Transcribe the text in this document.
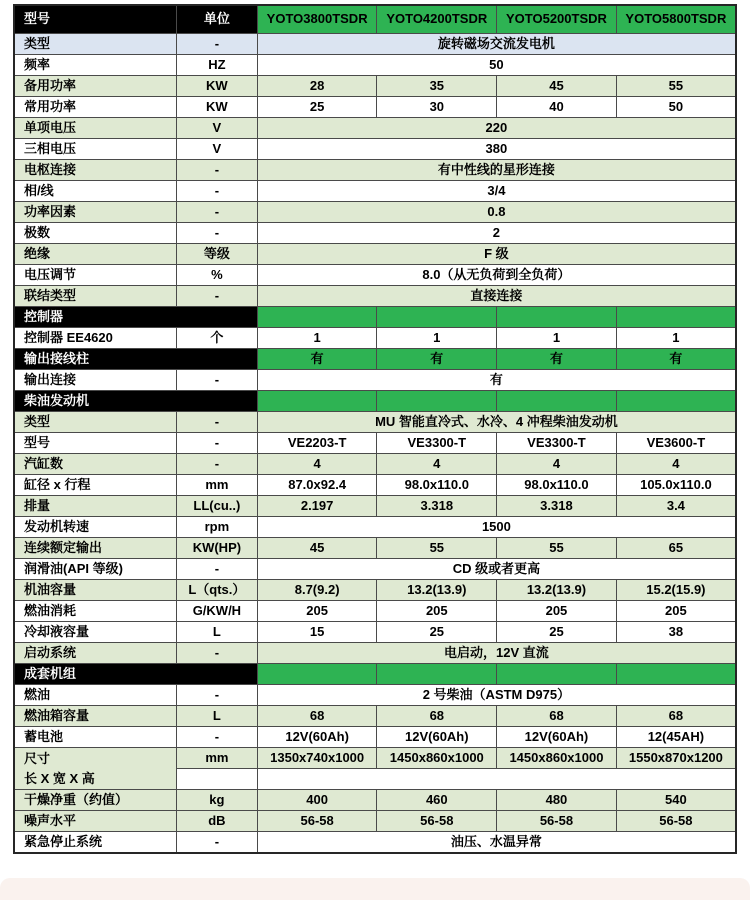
型号	单位	YOTO3800TSDR	YOTO4200TSDR	YOTO5200TSDR	YOTO5800TSDR
类型	-	旋转磁场交流发电机			
频率	HZ	50			
备用功率	KW	28	35	45	55
常用功率	KW	25	30	40	50
单项电压	V	220			
三相电压	V	380			
电枢连接	-	有中性线的星形连接			
相/线	-	3/4			
功率因素	-	0.8			
极数	-	2			
绝缘	等级	F 级			
电压调节	%	8.0（从无负荷到全负荷）			
联结类型	-	直接连接			
控制器					
控制器 EE4620	个	1	1	1	1
输出接线柱		有	有	有	有
输出连接	-	有			
柴油发动机					
类型	-	MU 智能直冷式、水冷、4 冲程柴油发动机			
型号	-	VE2203-T	VE3300-T	VE3300-T	VE3600-T
汽缸数	-	4	4	4	4
缸径 x 行程	mm	87.0x92.4	98.0x110.0	98.0x110.0	105.0x110.0
排量	LL(cu..)	2.197	3.318	3.318	3.4
发动机转速	rpm	1500			
连续额定输出	KW(HP)	45	55	55	65
润滑油(API 等级)	-	CD 级或者更高			
机油容量	L（qts.）	8.7(9.2)	13.2(13.9)	13.2(13.9)	15.2(15.9)
燃油消耗	G/KW/H	205	205	205	205
冷却液容量	L	15	25	25	38
启动系统	-	电启动，12V 直流			
成套机组					
燃油	-	2 号柴油（ASTM D975）			
燃油箱容量	L	68	68	68	68
蓄电池	-	12V(60Ah)	12V(60Ah)	12V(60Ah)	12(45AH)

尺寸
长 X 宽 X 高	mm	1350x740x1000	1450x860x1000	1450x860x1000	1550x870x1200

干燥净重（约值）	kg	400	460	480	540
噪声水平	dB	56-58	56-58	56-58	56-58
紧急停止系统	-	油压、水温异常			
